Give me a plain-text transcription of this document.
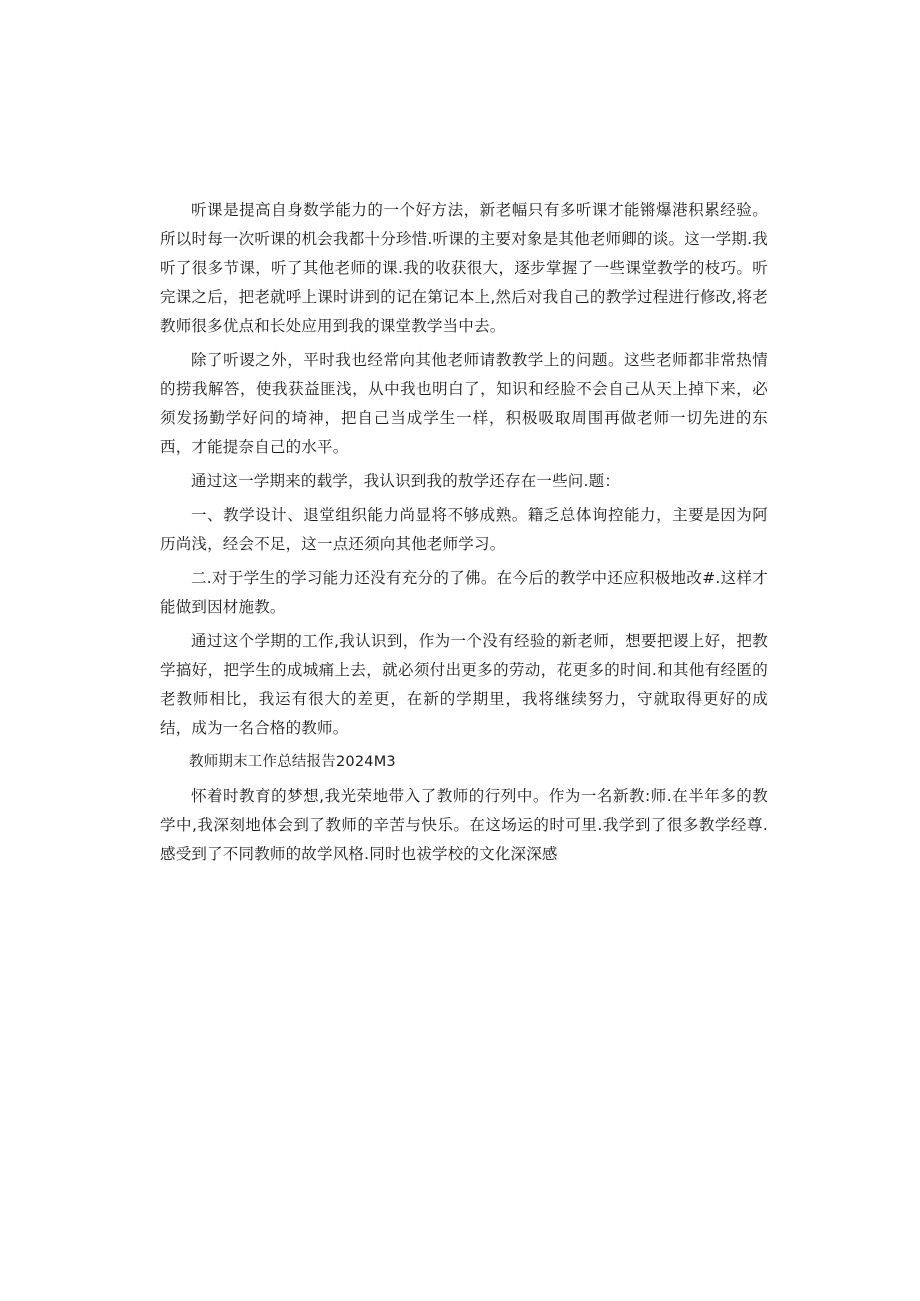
听课是提高自身数学能力的一个好方法，新老幅只有多听课才能锵爆港积累经验。所以时每一次听课的机会我都十分珍惜.听课的主要对象是其他老师卿的谈。这一学期.我听了很多节课，听了其他老师的课.我的收获很大，逐步掌握了一些课堂教学的枝巧。听完课之后，把老就呼上课时讲到的记在第记本上,然后对我自己的教学过程进行修改,将老教师很多优点和长处应用到我的课堂教学当中去。

除了听谡之外，平时我也经常向其他老师请教教学上的问题。这些老师都非常热情的捞我解答，使我获益匪浅，从中我也明白了，知识和经脸不会自己从天上掉下来，必须发扬勤学好问的埼神，把自己当成学生一样，积极吸取周围再做老师一切先进的东西，才能提奈自己的水平。

通过这一学期来的载学，我认识到我的敖学还存在一些问.题：

一、教学设计、退堂组织能力尚显将不够成熟。籍乏总体询控能力，主要是因为阿历尚浅，经会不足，这一点还须向其他老师学习。

二.对于学生的学习能力还没有充分的了佛。在今后的教学中还应积极地改#.这样才能做到因材施教。

通过这个学期的工作,我认识到，作为一个没有经验的新老师，想要把谡上好，把教学搞好，把学生的成城痛上去，就必须付出更多的劳动，花更多的时间.和其他有经匿的老教师相比，我运有很大的差更，在新的学期里，我将继续努力，守就取得更好的成结，成为一名合格的教师。

教师期末工作总结报告2024M3

怀着时教育的梦想,我光荣地带入了教师的行列中。作为一名新教:师.在半年多的教学中,我深刻地体会到了教师的辛苦与快乐。在这场运的时可里.我学到了很多教学经尊.感受到了不同教师的故学风格.同时也祓学校的文化深深感
